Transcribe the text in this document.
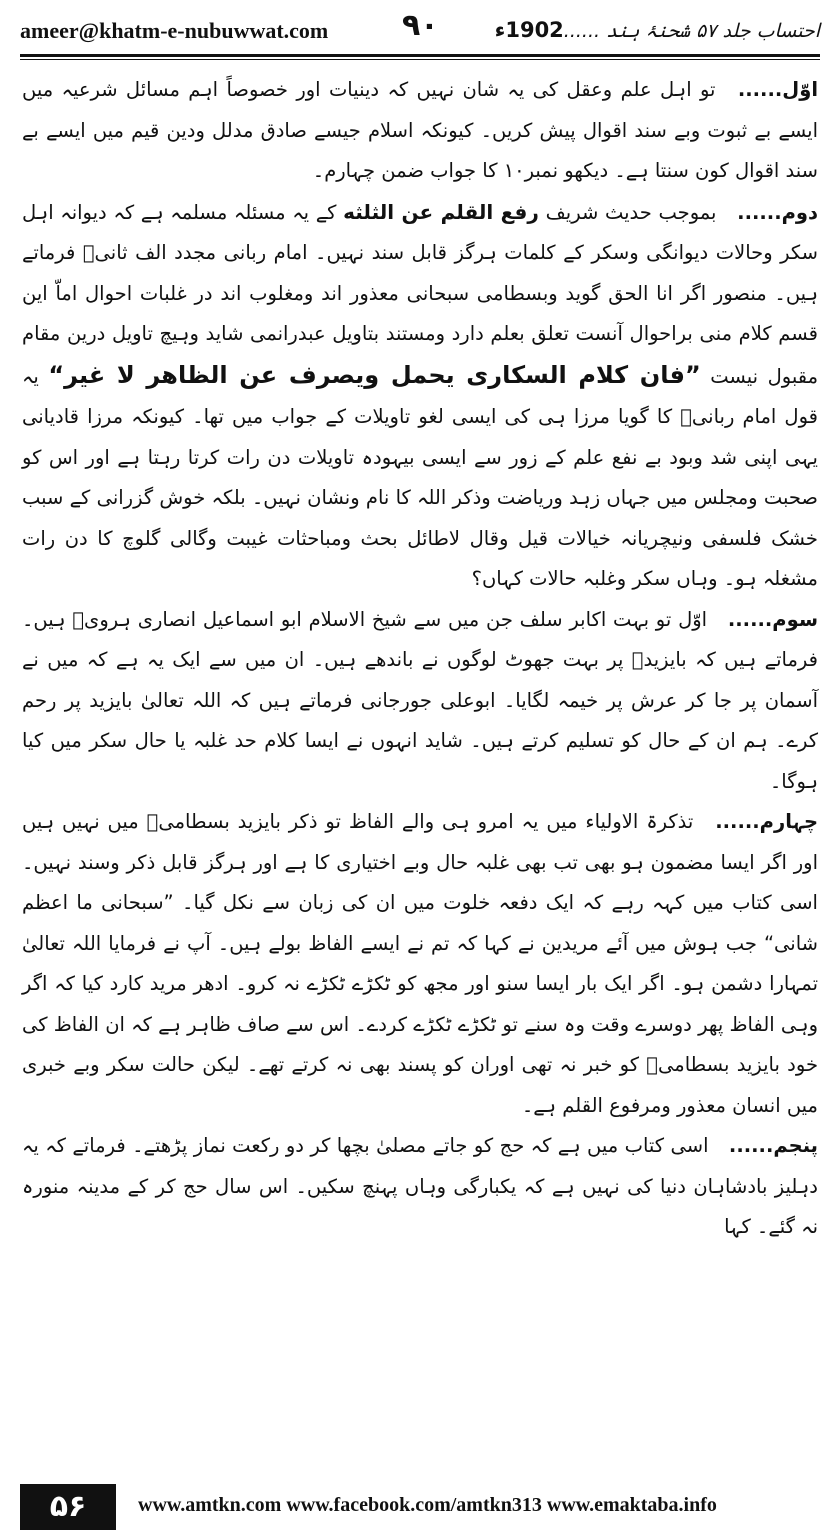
ameer@khatm-e-nubuwwat.com ۹۰	احتساب جلد ۵۷ شحنۂ ہند ......1902ء

اوّل...... تو اہل علم وعقل کی یہ شان نہیں کہ دینیات اور خصوصاً اہم مسائل شرعیہ میں ایسے بے ثبوت وبے سند اقوال پیش کریں۔ کیونکہ اسلام جیسے صادق مدلل ودین قیم میں ایسے بے سند اقوال کون سنتا ہے۔ دیکھو نمبر۱۰ کا جواب ضمن چہارم۔

دوم...... بموجب حدیث شریف رفع القلم عن الثلثه کے یہ مسئلہ مسلمہ ہے کہ دیوانہ اہل سکر وحالات دیوانگی وسکر کے کلمات ہرگز قابل سند نہیں۔ امام ربانی مجدد الف ثانیؒ فرماتے ہیں۔ منصور اگر انا الحق گوید وبسطامی سبحانی معذور اند ومغلوب اند در غلبات احوال اماّ این قسم کلام منی براحوال آنست تعلق بعلم دارد ومستند بتاویل عبدرانمی شاید وہیچ تاویل درین مقام مقبول نیست ”فان کلام السکاری یحمل ویصرف عن الظاهر لا غیر“ یہ قول امام ربانیؒ کا گویا مرزا ہی کی ایسی لغو تاویلات کے جواب میں تھا۔ کیونکہ مرزا قادیانی یہی اپنی شد وبود بے نفع علم کے زور سے ایسی بیہودہ تاویلات دن رات کرتا رہتا ہے اور اس کو صحبت ومجلس میں جہاں زہد وریاضت وذکر اللہ کا نام ونشان نہیں۔ بلکہ خوش گزرانی کے سبب خشک فلسفی ونیچریانہ خیالات قیل وقال لاطائل بحث ومباحثات غیبت وگالی گلوچ کا دن رات مشغلہ ہو۔ وہاں سکر وغلبہ حالات کہاں؟

سوم...... اوّل تو بہت اکابر سلف جن میں سے شیخ الاسلام ابو اسماعیل انصاری ہرویؒ ہیں۔ فرماتے ہیں کہ بایزیدؒ پر بہت جھوٹ لوگوں نے باندھے ہیں۔ ان میں سے ایک یہ ہے کہ میں نے آسمان پر جا کر عرش پر خیمہ لگایا۔ ابوعلی جورجانی فرماتے ہیں کہ اللہ تعالیٰ بایزید پر رحم کرے۔ ہم ان کے حال کو تسلیم کرتے ہیں۔ شاید انہوں نے ایسا کلام حد غلبہ یا حال سکر میں کیا ہوگا۔

چہارم...... تذکرۃ الاولیاء میں یہ امرو ہی والے الفاظ تو ذکر بایزید بسطامیؒ میں نہیں ہیں اور اگر ایسا مضمون ہو بھی تب بھی غلبہ حال وبے اختیاری کا ہے اور ہرگز قابل ذکر وسند نہیں۔ اسی کتاب میں کہہ رہے کہ ایک دفعہ خلوت میں ان کی زبان سے نکل گیا۔ ”سبحانی ما اعظم شانی“ جب ہوش میں آئے مریدین نے کہا کہ تم نے ایسے الفاظ بولے ہیں۔ آپ نے فرمایا اللہ تعالیٰ تمہارا دشمن ہو۔ اگر ایک بار ایسا سنو اور مجھ کو ٹکڑے ٹکڑے نہ کرو۔ ادھر مرید کارد کیا کہ اگر وہی الفاظ پھر دوسرے وقت وہ سنے تو ٹکڑے ٹکڑے کردے۔ اس سے صاف ظاہر ہے کہ ان الفاظ کی خود بایزید بسطامیؒ کو خبر نہ تھی اوران کو پسند بھی نہ کرتے تھے۔ لیکن حالت سکر وبے خبری میں انسان معذور ومرفوع القلم ہے۔

پنجم...... اسی کتاب میں ہے کہ حج کو جاتے مصلیٰ بچھا کر دو رکعت نماز پڑھتے۔ فرماتے کہ یہ دہلیز بادشاہان دنیا کی نہیں ہے کہ یکبارگی وہاں پہنچ سکیں۔ اس سال حج کر کے مدینہ منورہ نہ گئے۔ کہا

۵۶	www.amtkn.com www.facebook.com/amtkn313 www.emaktaba.info
